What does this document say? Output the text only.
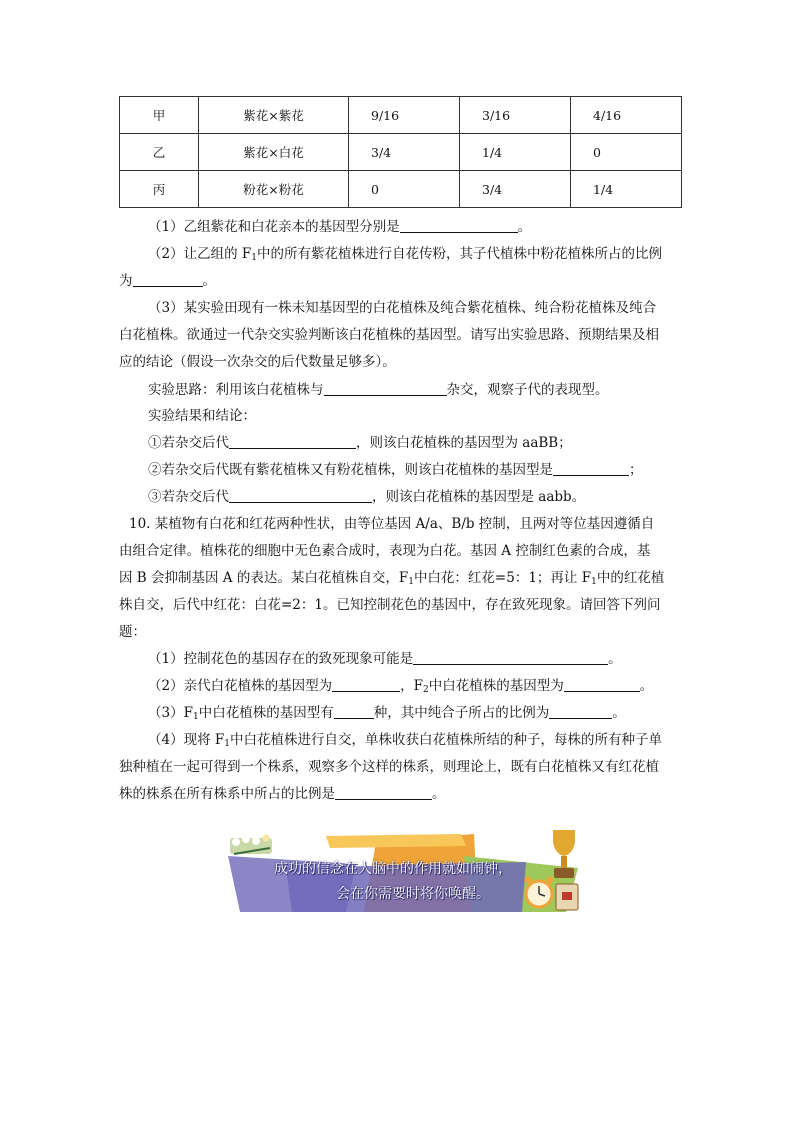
甲	紫花×紫花	9/16	3/16	4/16
乙	紫花×白花	3/4	1/4	0
丙	粉花×粉花	0	3/4	1/4
（1）乙组紫花和白花亲本的基因型分别是	。
（2）让乙组的 $F_1$中的所有紫花植株进行自花传粉，其子代植株中粉花植株所占的比例
为	。
（3）某实验田现有一株未知基因型的白花植株及纯合紫花植株、纯合粉花植株及纯合
白花植株。欲通过一代杂交实验判断该白花植株的基因型。请写出实验思路、预期结果及相
应的结论（假设一次杂交的后代数量足够多）。
实验思路：利用该白花植株与	杂交，观察子代的表现型。
实验结果和结论：
①若杂交后代	，则该白花植株的基因型为 aaBB；
②若杂交后代既有紫花植株又有粉花植株，则该白花植株的基因型是	；
③若杂交后代	，则该白花植株的基因型是 aabb。
10. 某植物有白花和红花两种性状，由等位基因 A/a、B/b 控制，且两对等位基因遵循自
由组合定律。植株花的细胞中无色素合成时，表现为白花。基因 A 控制红色素的合成，基
因 B 会抑制基因 A 的表达。某白花植株自交，$F_1$中白花：红花=5：1；再让 $F_1$中的红花植
株自交，后代中红花：白花=2：1。已知控制花色的基因中，存在致死现象。请回答下列问
题：
（1）控制花色的基因存在的致死现象可能是	。
（2）亲代白花植株的基因型为	，$F_2$中白花植株的基因型为	。
$(3)F_1$中白花植株的基因型有	种，其中纯合子所占的比例为	。
（4）现将 $F_1$中白花植株进行自交，单株收获白花植株所结的种子，每株的所有种子单
独种植在一起可得到一个株系，观察多个这样的株系，则理论上，既有白花植株又有红花植
株的株系在所有株系中所占的比例是	。
成功的信念在人脑中的作用就如闹钟，
会在你需要时将你唤醒。
